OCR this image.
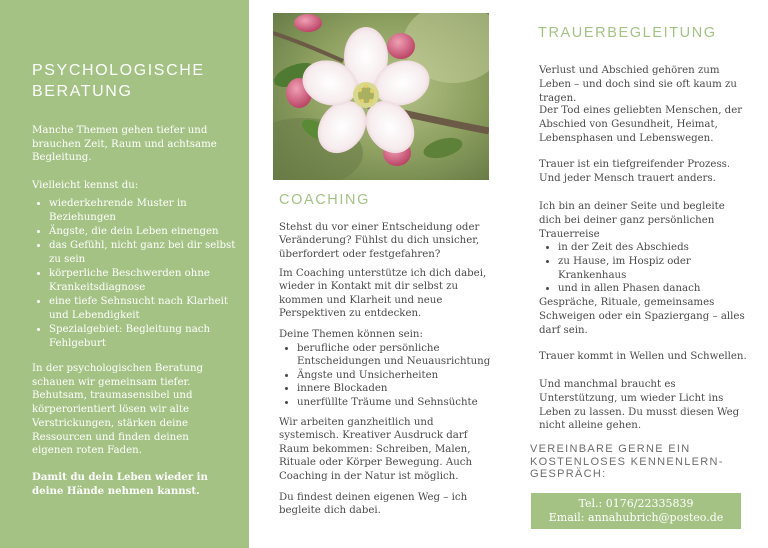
PSYCHOLOGISCHE BERATUNG

Manche Themen gehen tiefer und brauchen Zeit, Raum und achtsame Begleitung.

Vielleicht kennst du:

• wiederkehrende Muster in Beziehungen
• Ängste, die dein Leben einengen
• das Gefühl, nicht ganz bei dir selbst zu sein
• körperliche Beschwerden ohne Krankeitsdiagnose
• eine tiefe Sehnsucht nach Klarheit und Lebendigkeit
• Spezialgebiet: Begleitung nach Fehlgeburt

In der psychologischen Beratung schauen wir gemeinsam tiefer. Behutsam, traumasensibel und körperorientiert lösen wir alte Verstrickungen, stärken deine Ressourcen und finden deinen eigenen roten Faden.

Damit du dein Leben wieder in deine Hände nehmen kannst.

COACHING

Stehst du vor einer Entscheidung oder Veränderung? Fühlst du dich unsicher, überfordert oder festgefahren?

Im Coaching unterstütze ich dich dabei, wieder in Kontakt mit dir selbst zu kommen und Klarheit und neue Perspektiven zu entdecken.

Deine Themen können sein:

• berufliche oder persönliche Entscheidungen und Neuausrichtung
• Ängste und Unsicherheiten
• innere Blockaden
• unerfüllte Träume und Sehnsüchte

Wir arbeiten ganzheitlich und systemisch. Kreativer Ausdruck darf Raum bekommen: Schreiben, Malen, Rituale oder Körper Bewegung. Auch Coaching in der Natur ist möglich.

Du findest deinen eigenen Weg – ich begleite dich dabei.

TRAUERBEGLEITUNG

Verlust und Abschied gehören zum Leben – und doch sind sie oft kaum zu tragen.

Der Tod eines geliebten Menschen, der Abschied von Gesundheit, Heimat, Lebensphasen und Lebenswegen.

Trauer ist ein tiefgreifender Prozess. Und jeder Mensch trauert anders.

Ich bin an deiner Seite und begleite dich bei deiner ganz persönlichen Trauerreise

• in der Zeit des Abschieds
• zu Hause, im Hospiz oder Krankenhaus
• und in allen Phasen danach

Gespräche, Rituale, gemeinsames Schweigen oder ein Spaziergang – alles darf sein.

Trauer kommt in Wellen und Schwellen.

Und manchmal braucht es Unterstützung, um wieder Licht ins Leben zu lassen. Du musst diesen Weg nicht alleine gehen.

VEREINBARE GERNE EIN KOSTENLOSES KENNENLERN-GESPRÄCH:
Tel.: 0176/22335839
Email: annahubrich@posteo.de
